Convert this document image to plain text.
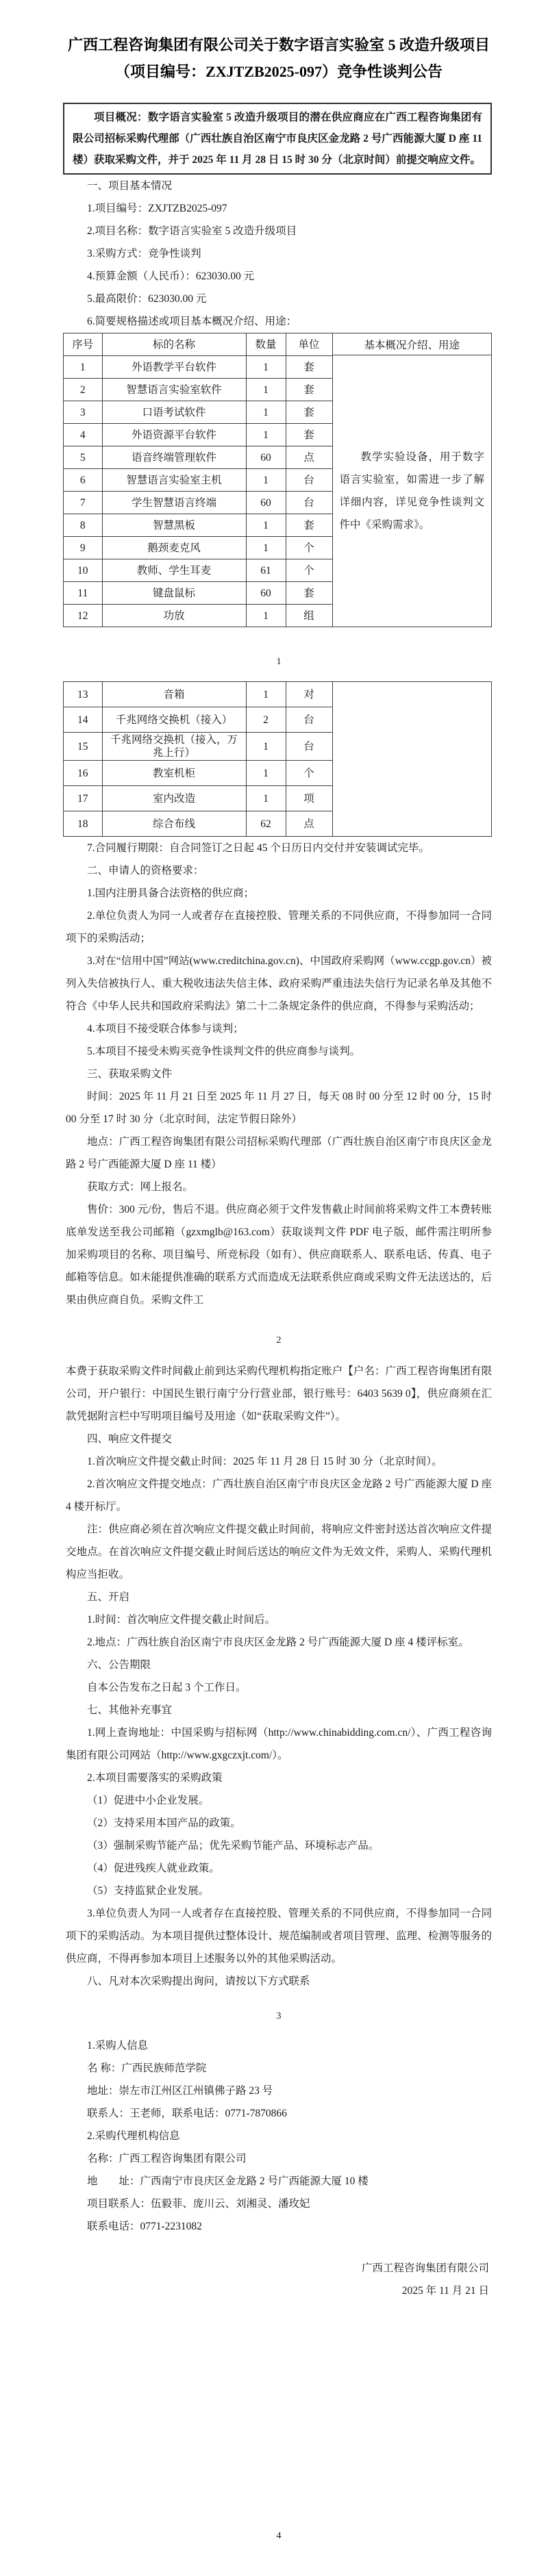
广西工程咨询集团有限公司关于数字语言实验室 5 改造升级项目
（项目编号：ZXJTZB2025-097）竞争性谈判公告
项目概况：数字语言实验室 5 改造升级项目的潜在供应商应在广西工程咨询集团有限公司招标采购代理部（广西壮族自治区南宁市良庆区金龙路 2 号广西能源大厦 D 座 11 楼）获取采购文件，并于 2025 年 11 月 28 日 15 时 30 分（北京时间）前提交响应文件。

一、项目基本情况

1.项目编号：ZXJTZB2025-097

2.项目名称：数字语言实验室 5 改造升级项目

3.采购方式：竞争性谈判

4.预算金额（人民币）：623030.00 元

5.最高限价：623030.00 元

6.简要规格描述或项目基本概况介绍、用途：

序号	标的名称	数量	单位
1	外语教学平台软件	1	套
2	智慧语言实验室软件	1	套
3	口语考试软件	1	套
4	外语资源平台软件	1	套
5	语音终端管理软件	60	点
6	智慧语言实验室主机	1	台
7	学生智慧语言终端	60	台
8	智慧黑板	1	套
9	鹅颈麦克风	1	个
10	教师、学生耳麦	61	个
11	键盘鼠标	60	套
12	功放	1	组
基本概况介绍、用途

教学实验设备，用于数字语言实验室，如需进一步了解详细内容，详见竞争性谈判文件中《采购需求》。

1

13	音箱	1	对
14	千兆网络交换机（接入）	2	台
15	千兆网络交换机（接入，万兆上行）	1	台
16	教室机柜	1	个
17	室内改造	1	项
18	综合布线	62	点

7.合同履行期限：自合同签订之日起 45 个日历日内交付并安装调试完毕。

二、申请人的资格要求：

1.国内注册具备合法资格的供应商；

2.单位负责人为同一人或者存在直接控股、管理关系的不同供应商，不得参加同一合同项下的采购活动；

3.对在“信用中国”网站(www.creditchina.gov.cn)、中国政府采购网（www.ccgp.gov.cn）被列入失信被执行人、重大税收违法失信主体、政府采购严重违法失信行为记录名单及其他不符合《中华人民共和国政府采购法》第二十二条规定条件的供应商，不得参与采购活动；

4.本项目不接受联合体参与谈判；

5.本项目不接受未购买竞争性谈判文件的供应商参与谈判。

三、获取采购文件

时间：2025 年 11 月 21 日至 2025 年 11 月 27 日，每天 08 时 00 分至 12 时 00 分，15 时 00 分至 17 时 30 分（北京时间，法定节假日除外）

地点：广西工程咨询集团有限公司招标采购代理部（广西壮族自治区南宁市良庆区金龙路 2 号广西能源大厦 D 座 11 楼）

获取方式：网上报名。

售价：300 元/份，售后不退。供应商必须于文件发售截止时间前将采购文件工本费转账底单发送至我公司邮箱（gzxmglb@163.com）获取谈判文件 PDF 电子版，邮件需注明所参加采购项目的名称、项目编号、所竞标段（如有）、供应商联系人、联系电话、传真、电子邮箱等信息。如未能提供准确的联系方式而造成无法联系供应商或采购文件无法送达的，后果由供应商自负。采购文件工

2

本费于获取采购文件时间截止前到达采购代理机构指定账户【户名：广西工程咨询集团有限公司，开户银行：中国民生银行南宁分行营业部，银行账号：6403 5639 0】，供应商须在汇款凭据附言栏中写明项目编号及用途（如“获取采购文件”）。

四、响应文件提交

1.首次响应文件提交截止时间：2025 年 11 月 28 日 15 时 30 分（北京时间）。

2.首次响应文件提交地点：广西壮族自治区南宁市良庆区金龙路 2 号广西能源大厦 D 座 4 楼开标厅。

注：供应商必须在首次响应文件提交截止时间前，将响应文件密封送达首次响应文件提交地点。在首次响应文件提交截止时间后送达的响应文件为无效文件，采购人、采购代理机构应当拒收。

五、开启

1.时间：首次响应文件提交截止时间后。

2.地点：广西壮族自治区南宁市良庆区金龙路 2 号广西能源大厦 D 座 4 楼评标室。

六、公告期限

自本公告发布之日起 3 个工作日。

七、其他补充事宜

1.网上查询地址：中国采购与招标网（http://www.chinabidding.com.cn/）、广西工程咨询集团有限公司网站（http://www.gxgczxjt.com/）。

2.本项目需要落实的采购政策

（1）促进中小企业发展。

（2）支持采用本国产品的政策。

（3）强制采购节能产品；优先采购节能产品、环境标志产品。

（4）促进残疾人就业政策。

（5）支持监狱企业发展。

3.单位负责人为同一人或者存在直接控股、管理关系的不同供应商，不得参加同一合同项下的采购活动。为本项目提供过整体设计、规范编制或者项目管理、监理、检测等服务的供应商，不得再参加本项目上述服务以外的其他采购活动。

八、凡对本次采购提出询问，请按以下方式联系

3

1.采购人信息

名 称：广西民族师范学院

地址：崇左市江州区江州镇佛子路 23 号

联系人：王老师，联系电话：0771-7870866

2.采购代理机构信息

名称：广西工程咨询集团有限公司

地　　址：广西南宁市良庆区金龙路 2 号广西能源大厦 10 楼

项目联系人：伍毅菲、庞川云、刘湘灵、潘玫妃

联系电话：0771-2231082

广西工程咨询集团有限公司

2025 年 11 月 21 日

4
